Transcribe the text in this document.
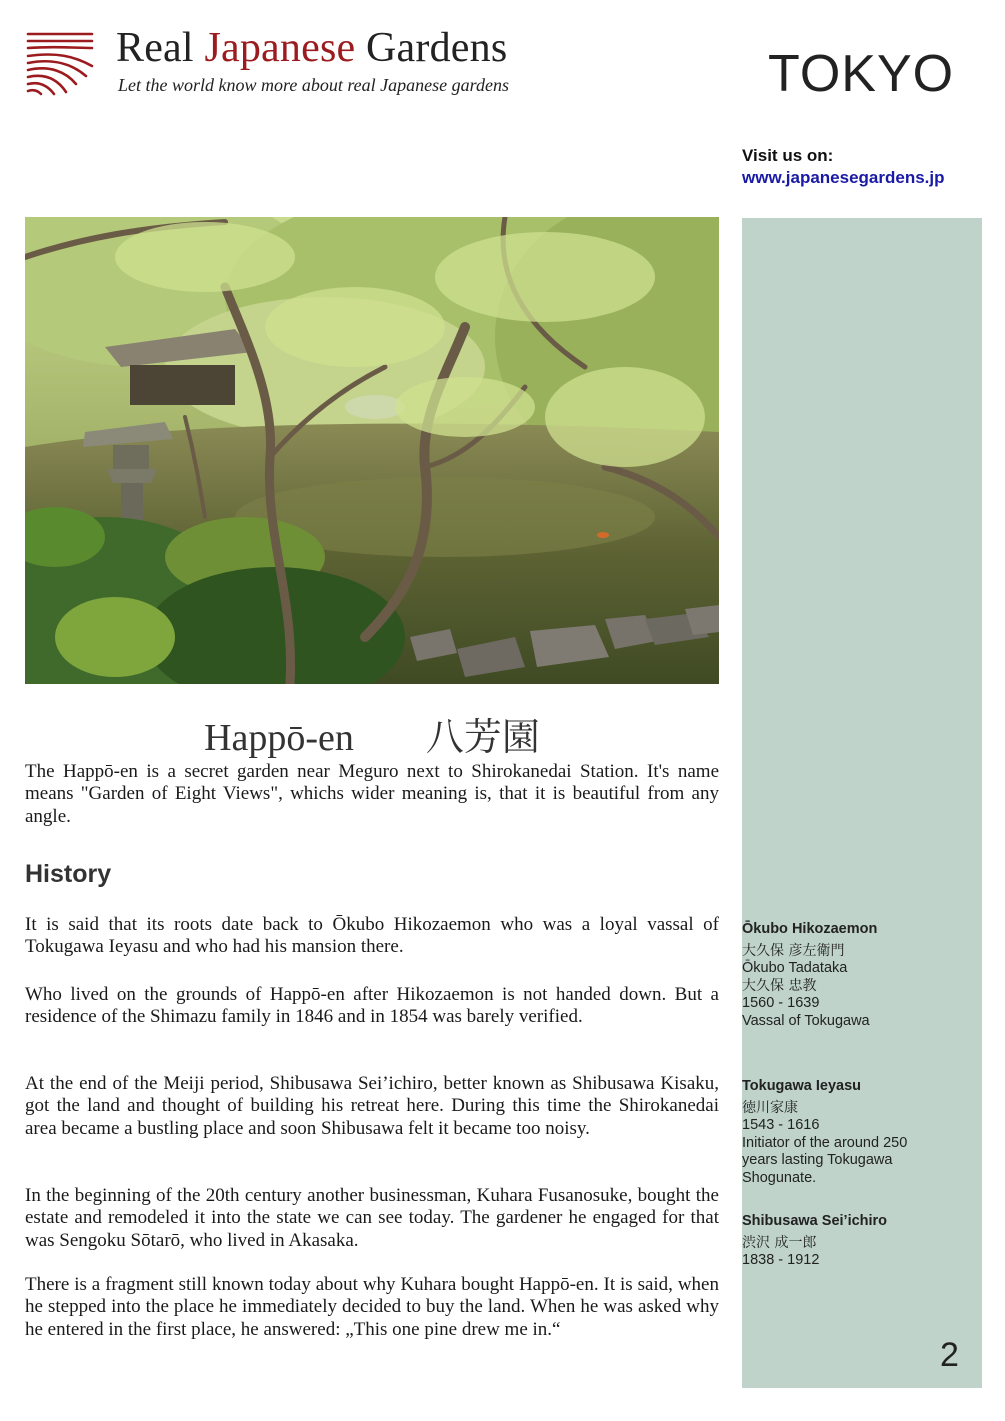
Real Japanese Gardens
Let the world know more about real Japanese gardens	TOKYO
Visit us on:
www.japanesegardens.jp
Happō-en 八芳園

The Happō-en is a secret garden near Meguro next to Shirokanedai Station. It's name means "Garden of Eight Views", whichs wider meaning is, that it is beautiful from any angle.

History

It is said that its roots date back to Ōkubo Hikozaemon who was a loyal vassal of Tokugawa Ieyasu and who had his mansion there.

Who lived on the grounds of Happō-en after Hikozaemon is not handed down. But a residence of the Shimazu family in 1846 and in 1854 was barely verified.

At the end of the Meiji period, Shibusawa Sei’ichiro, better known as Shibusawa Kisaku, got the land and thought of building his retreat here. During this time the Shirokanedai area became a bustling place and soon Shibusawa felt it became too noisy.

In the beginning of the 20th century another businessman, Kuhara Fusanosuke, bought the estate and remodeled it into the state we can see today. The gardener he engaged for that was Sengoku Sōtarō, who lived in Akasaka.

There is a fragment still known today about why Kuhara bought Happō-en. It is said, when he stepped into the place he immediately decided to buy the land. When he was asked why he entered in the first place, he answered: „This one pine drew me in.“

Ōkubo Hikozaemon
大久保 彦左衛門
Ōkubo Tadataka
大久保 忠教
1560 - 1639
Vassal of Tokugawa
Tokugawa Ieyasu
徳川家康
1543 - 1616
Initiator of the around 250 years lasting Tokugawa Shogunate.
Shibusawa Sei’ichiro
渋沢 成一郎
1838 - 1912
2
